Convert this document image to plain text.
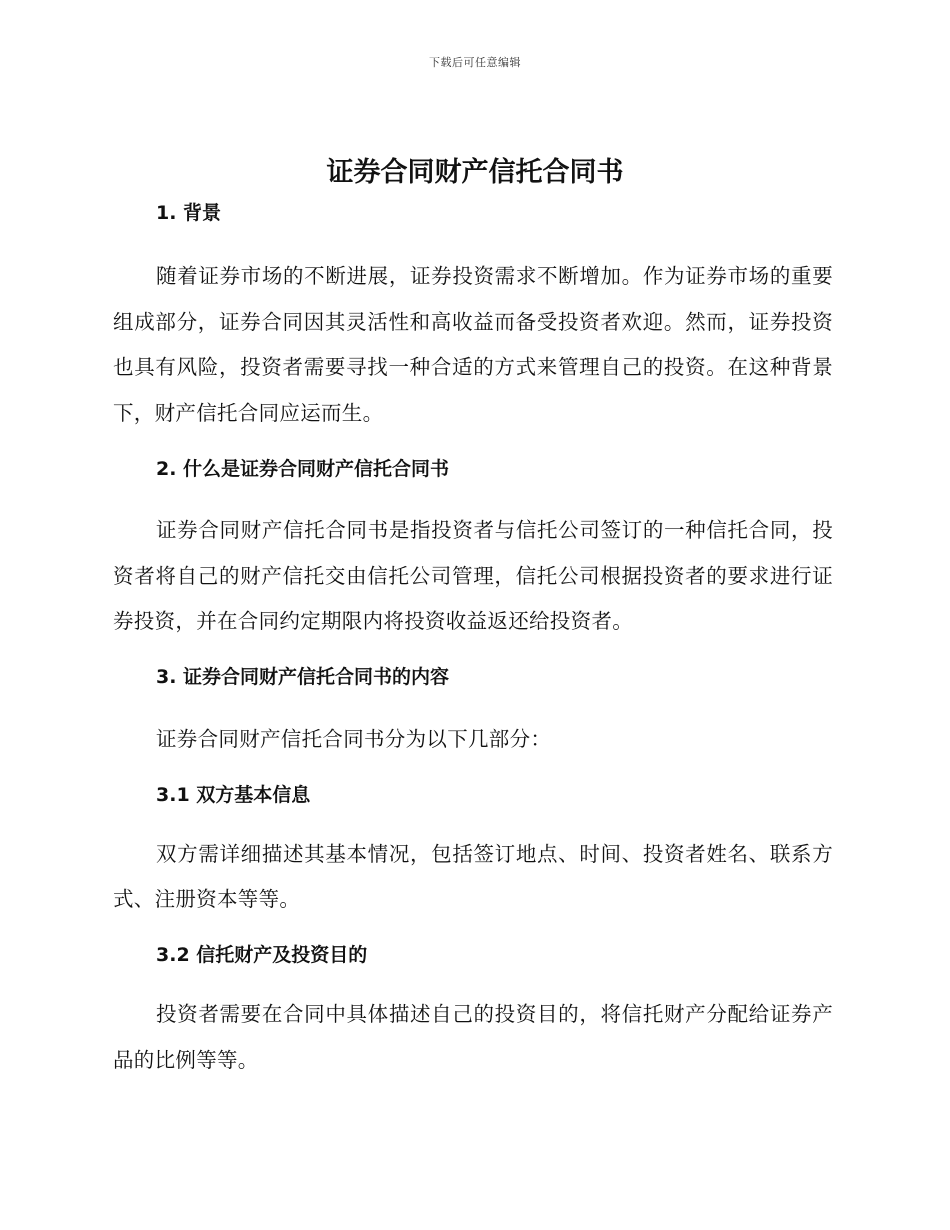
下载后可任意编辑
证券合同财产信托合同书
1. 背景

随着证券市场的不断进展，证券投资需求不断增加。作为证券市场的重要组成部分，证券合同因其灵活性和高收益而备受投资者欢迎。然而，证券投资也具有风险，投资者需要寻找一种合适的方式来管理自己的投资。在这种背景下，财产信托合同应运而生。

2. 什么是证券合同财产信托合同书

证券合同财产信托合同书是指投资者与信托公司签订的一种信托合同，投资者将自己的财产信托交由信托公司管理，信托公司根据投资者的要求进行证券投资，并在合同约定期限内将投资收益返还给投资者。

3. 证券合同财产信托合同书的内容

证券合同财产信托合同书分为以下几部分：

3.1 双方基本信息

双方需详细描述其基本情况，包括签订地点、时间、投资者姓名、联系方式、注册资本等等。

3.2 信托财产及投资目的

投资者需要在合同中具体描述自己的投资目的，将信托财产分配给证券产品的比例等等。
